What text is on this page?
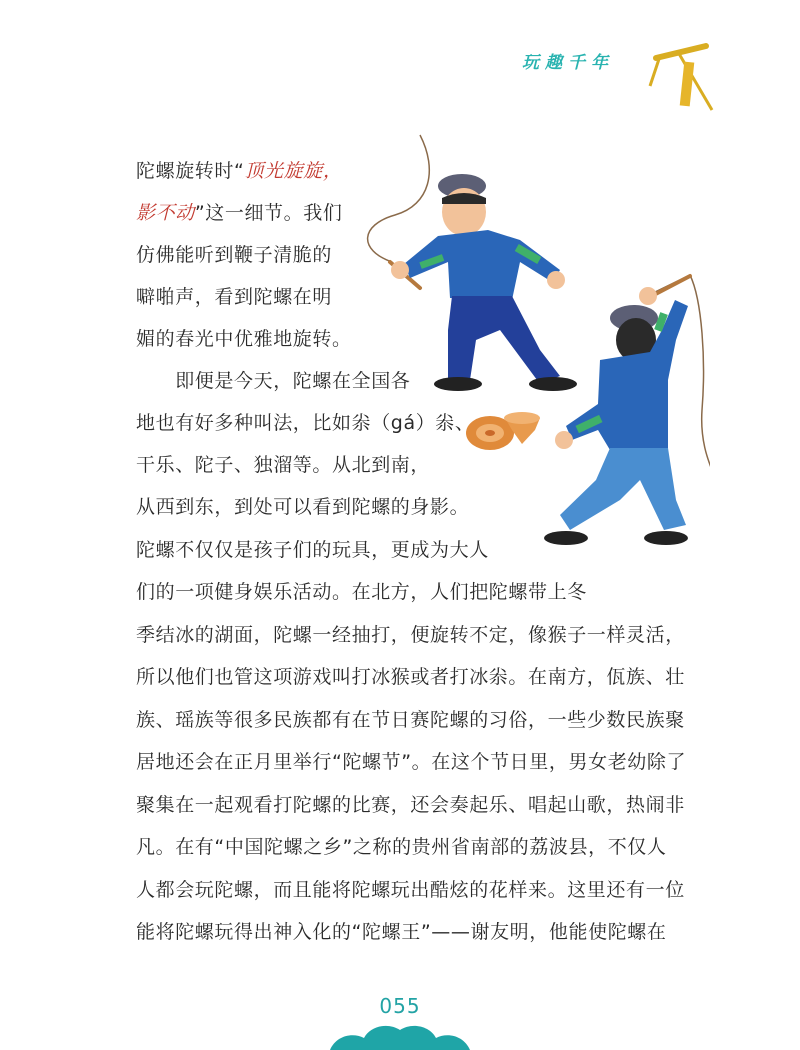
玩趣千年
陀螺旋转时“顶光旋旋，
影不动”这一细节。我们
仿佛能听到鞭子清脆的
噼啪声，看到陀螺在明
媚的春光中优雅地旋转。
　　即便是今天，陀螺在全国各
地也有好多种叫法，比如尜（gá）尜、
干乐、陀子、独溜等。从北到南，
从西到东，到处可以看到陀螺的身影。
陀螺不仅仅是孩子们的玩具，更成为大人
们的一项健身娱乐活动。在北方，人们把陀螺带上冬
季结冰的湖面，陀螺一经抽打，便旋转不定，像猴子一样灵活，
所以他们也管这项游戏叫打冰猴或者打冰尜。在南方，佤族、壮
族、瑶族等很多民族都有在节日赛陀螺的习俗，一些少数民族聚
居地还会在正月里举行“陀螺节”。在这个节日里，男女老幼除了
聚集在一起观看打陀螺的比赛，还会奏起乐、唱起山歌，热闹非
凡。在有“中国陀螺之乡”之称的贵州省南部的荔波县，不仅人
人都会玩陀螺，而且能将陀螺玩出酷炫的花样来。这里还有一位
能将陀螺玩得出神入化的“陀螺王”——谢友明，他能使陀螺在
055
